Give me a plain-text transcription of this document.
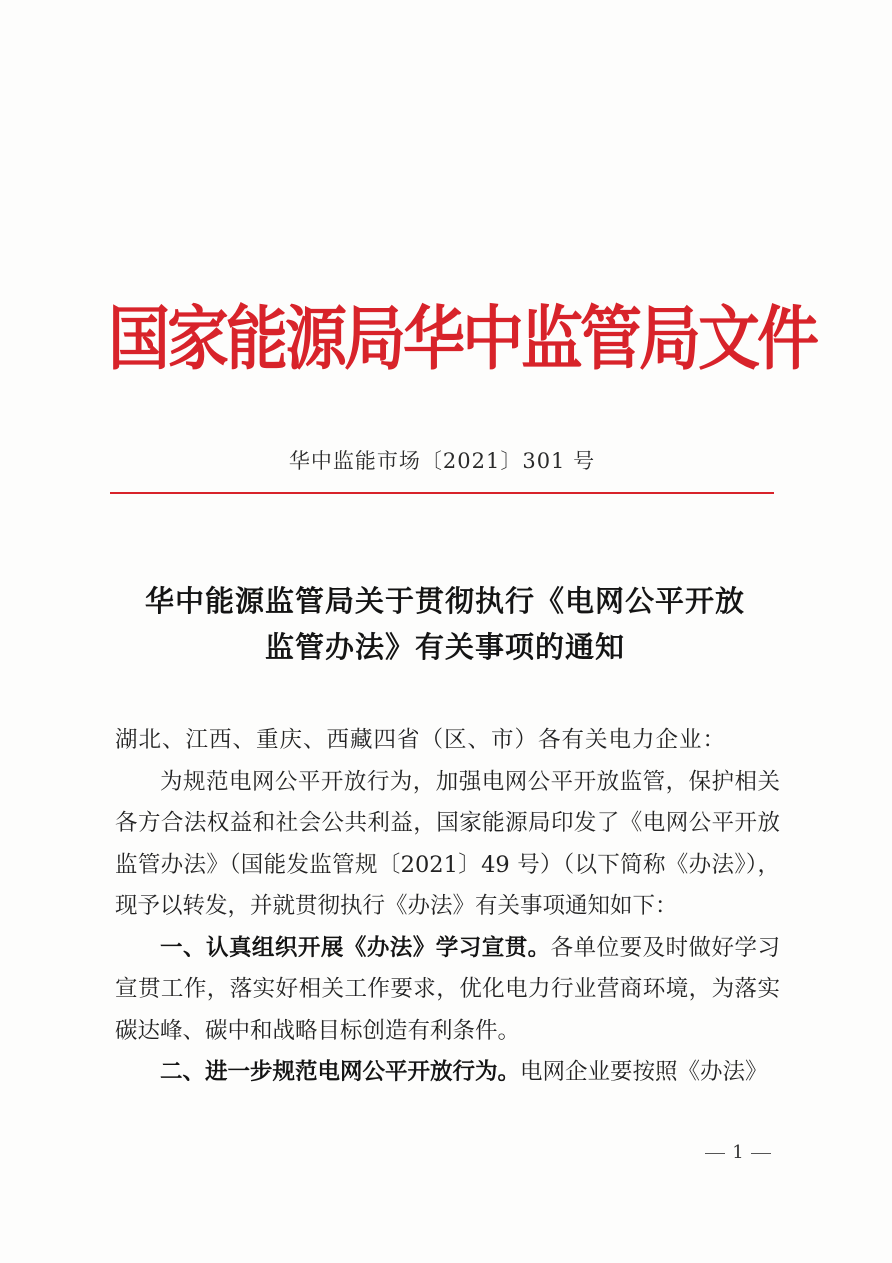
国家能源局华中监管局文件
华中监能市场〔2021〕301 号
华中能源监管局关于贯彻执行《电网公平开放
监管办法》有关事项的通知

湖北、江西、重庆、西藏四省（区、市）各有关电力企业：

为规范电网公平开放行为，加强电网公平开放监管，保护相关各方合法权益和社会公共利益，国家能源局印发了《电网公平开放监管办法》（国能发监管规〔2021〕49 号）（以下简称《办法》），现予以转发，并就贯彻执行《办法》有关事项通知如下：

一、认真组织开展《办法》学习宣贯。各单位要及时做好学习宣贯工作，落实好相关工作要求，优化电力行业营商环境，为落实碳达峰、碳中和战略目标创造有利条件。

二、进一步规范电网公平开放行为。电网企业要按照《办法》

1
